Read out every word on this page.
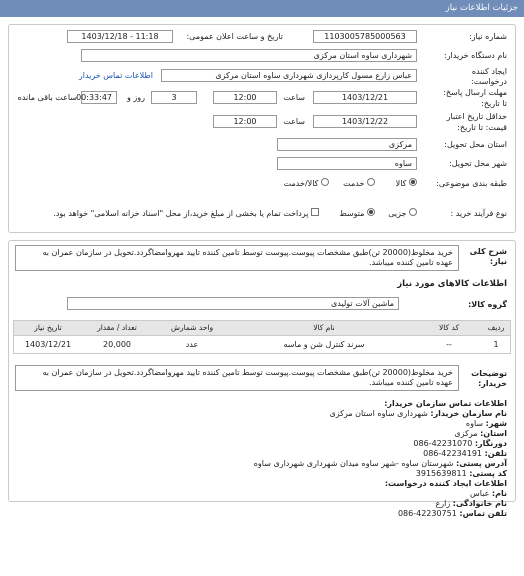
جزئیات اطلاعات نیاز
شماره نیاز:
1103005785000563
تاریخ و ساعت اعلان عمومی:
1403/12/18 - 11:18
نام دستگاه خریدار:
شهرداری ساوه استان مرکزی
ایجاد کننده
درخواست:
عباس زارع مسول کارپردازی شهرداری ساوه استان مرکزی
اطلاعات تماس خریدار
مهلت ارسال پاسخ:
تا تاریخ:
1403/12/21
ساعت
12:00
3
روز و
00:33:47
ساعت باقی مانده
حداقل تاریخ اعتبار
قیمت: تا تاریخ:
1403/12/22
ساعت
12:00
استان محل تحویل:
مرکزی
شهر محل تحویل:
ساوه
طبقه بندی موضوعی:
کالا
خدمت
کالا/خدمت
نوع فرآیند خرید :
جزیی
متوسط
پرداخت تمام یا بخشی از مبلغ خرید،از محل "اسناد خزانه اسلامی" خواهد بود.
شرح کلی
نیاز:
خرید مخلوط(20000 تن)طبق مشخصات پیوست.پیوست توسط تامین کننده تایید مهروامضاگردد.تحویل در سازمان عمران به
عهده تامین کننده میباشد.
اطلاعات کالاهای مورد نیاز
گروه کالا:
ماشین آلات تولیدی
ردیف	کد کالا	نام کالا	واحد شمارش	تعداد / مقدار	تاریخ نیاز
1	--	سرند کنترل شن و ماسه	عدد	20,000	1403/12/21
توضیحات
خریدار:
خرید مخلوط(20000 تن)طبق مشخصات پیوست.پیوست توسط تامین کننده تایید مهروامضاگردد.تحویل در سازمان عمران به
عهده تامین کننده میباشد.
اطلاعات تماس سازمان خریدار:
نام سازمان خریدار: شهرداری ساوه استان مرکزی
شهر: ساوه
استان: مرکزی
دورنگار: 42231070-086
تلفن: 42234191-086
آدرس پستی: شهرستان ساوه -شهر ساوه میدان شهرداری شهرداری ساوه
کد پستی: 3915639811
اطلاعات ایجاد کننده درخواست:
نام: عباس
نام خانوادگی: زارع
تلفن تماس: 42230751-086
